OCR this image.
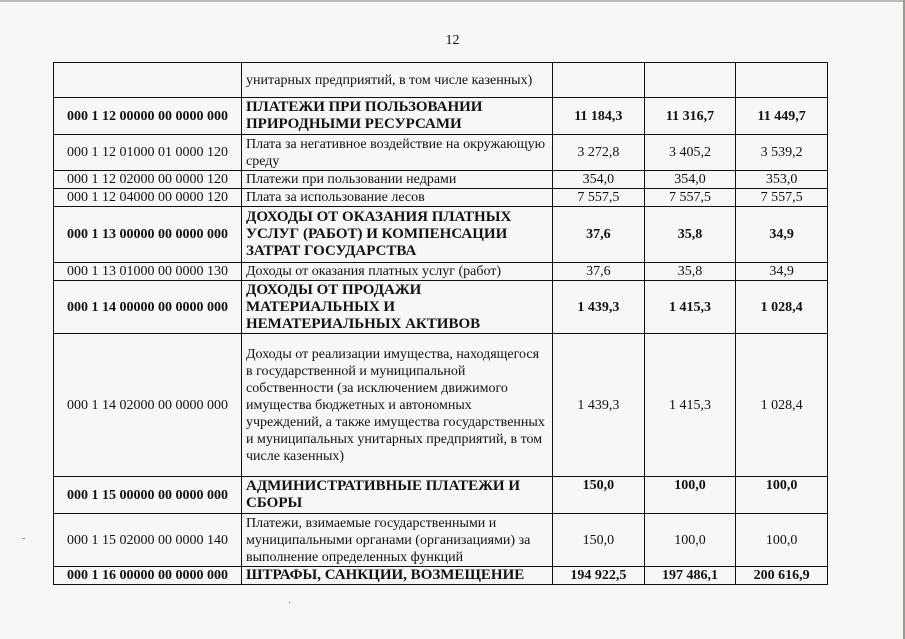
12
	унитарных предприятий, в том числе казенных)			
000 1 12 00000 00 0000 000	ПЛАТЕЖИ ПРИ ПОЛЬЗОВАНИИ ПРИРОДНЫМИ РЕСУРСАМИ	11 184,3	11 316,7	11 449,7
000 1 12 01000 01 0000 120	Плата за негативное воздействие на окружающую среду	3 272,8	3 405,2	3 539,2
000 1 12 02000 00 0000 120	Платежи при пользовании недрами	354,0	354,0	353,0
000 1 12 04000 00 0000 120	Плата за использование лесов	7 557,5	7 557,5	7 557,5
000 1 13 00000 00 0000 000	ДОХОДЫ ОТ ОКАЗАНИЯ ПЛАТНЫХ УСЛУГ (РАБОТ) И КОМПЕНСАЦИИ ЗАТРАТ ГОСУДАРСТВА	37,6	35,8	34,9
000 1 13 01000 00 0000 130	Доходы от оказания платных услуг (работ)	37,6	35,8	34,9
000 1 14 00000 00 0000 000	ДОХОДЫ ОТ ПРОДАЖИ МАТЕРИАЛЬНЫХ И НЕМАТЕРИАЛЬНЫХ АКТИВОВ	1 439,3	1 415,3	1 028,4
000 1 14 02000 00 0000 000	Доходы от реализации имущества, находящегося в государственной и муниципальной собственности (за исключением движимого имущества бюджетных и автономных учреждений, а также имущества государственных и муниципальных унитарных предприятий, в том числе казенных)	1 439,3	1 415,3	1 028,4
000 1 15 00000 00 0000 000	АДМИНИСТРАТИВНЫЕ ПЛАТЕЖИ И СБОРЫ	150,0	100,0	100,0
000 1 15 02000 00 0000 140	Платежи, взимаемые государственными и муниципальными органами (организациями) за выполнение определенных функций	150,0	100,0	100,0
000 1 16 00000 00 0000 000	ШТРАФЫ, САНКЦИИ, ВОЗМЕЩЕНИЕ	194 922,5	197 486,1	200 616,9
-
·
